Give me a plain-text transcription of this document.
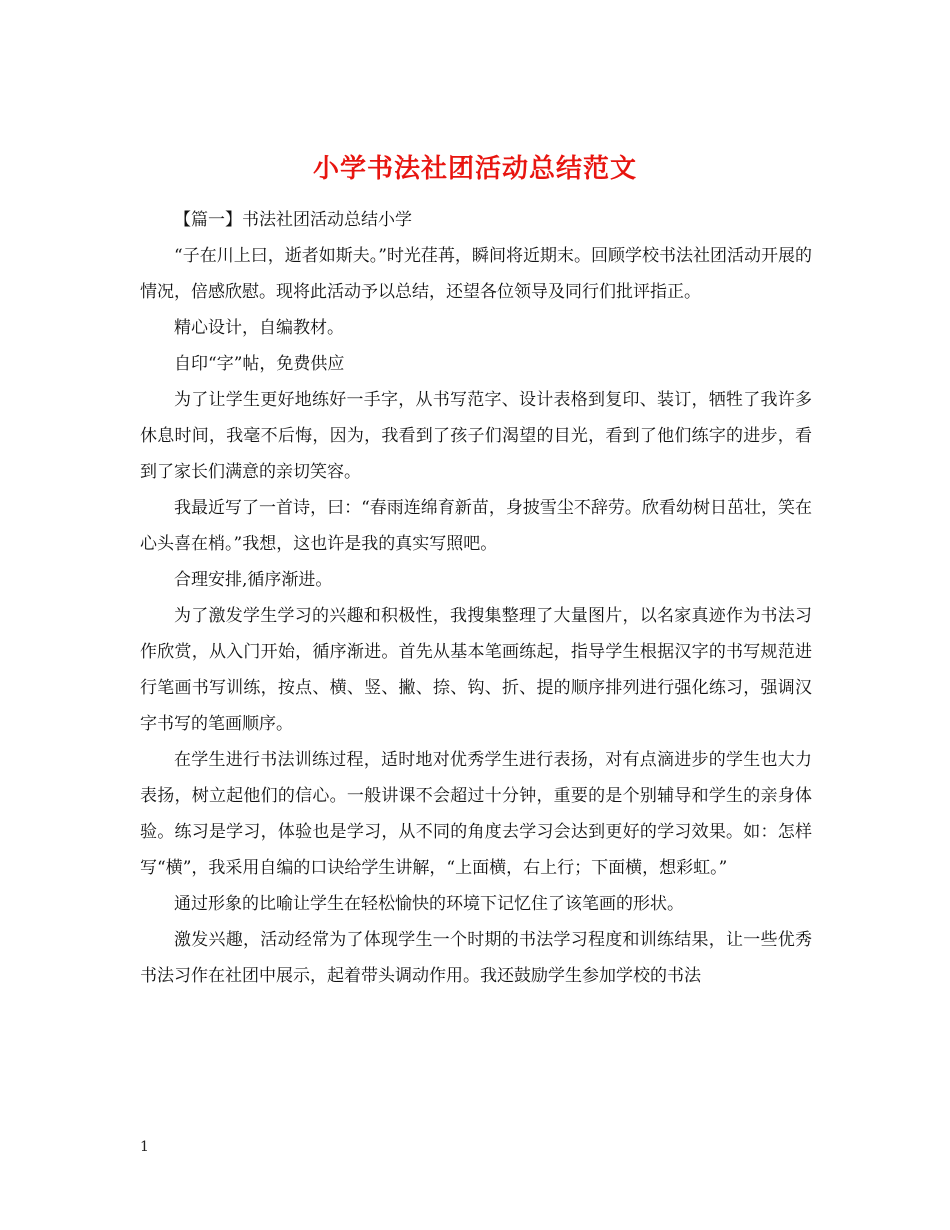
小学书法社团活动总结范文

【篇一】书法社团活动总结小学

“子在川上曰，逝者如斯夫。”时光荏苒，瞬间将近期末。回顾学校书法社团活动开展的情况，倍感欣慰。现将此活动予以总结，还望各位领导及同行们批评指正。

精心设计，自编教材。

自印“字”帖，免费供应

为了让学生更好地练好一手字，从书写范字、设计表格到复印、装订，牺牲了我许多休息时间，我毫不后悔，因为，我看到了孩子们渴望的目光，看到了他们练字的进步，看到了家长们满意的亲切笑容。

我最近写了一首诗，曰：“春雨连绵育新苗，身披雪尘不辞劳。欣看幼树日茁壮，笑在心头喜在梢。”我想，这也许是我的真实写照吧。

合理安排,循序渐进。

为了激发学生学习的兴趣和积极性，我搜集整理了大量图片，以名家真迹作为书法习作欣赏，从入门开始，循序渐进。首先从基本笔画练起，指导学生根据汉字的书写规范进行笔画书写训练，按点、横、竖、撇、捺、钩、折、提的顺序排列进行强化练习，强调汉字书写的笔画顺序。

在学生进行书法训练过程，适时地对优秀学生进行表扬，对有点滴进步的学生也大力表扬，树立起他们的信心。一般讲课不会超过十分钟，重要的是个别辅导和学生的亲身体验。练习是学习，体验也是学习，从不同的角度去学习会达到更好的学习效果。如：怎样写“横”，我采用自编的口诀给学生讲解，“上面横，右上行；下面横，想彩虹。”

通过形象的比喻让学生在轻松愉快的环境下记忆住了该笔画的形状。

激发兴趣，活动经常为了体现学生一个时期的书法学习程度和训练结果，让一些优秀书法习作在社团中展示，起着带头调动作用。我还鼓励学生参加学校的书法

1
